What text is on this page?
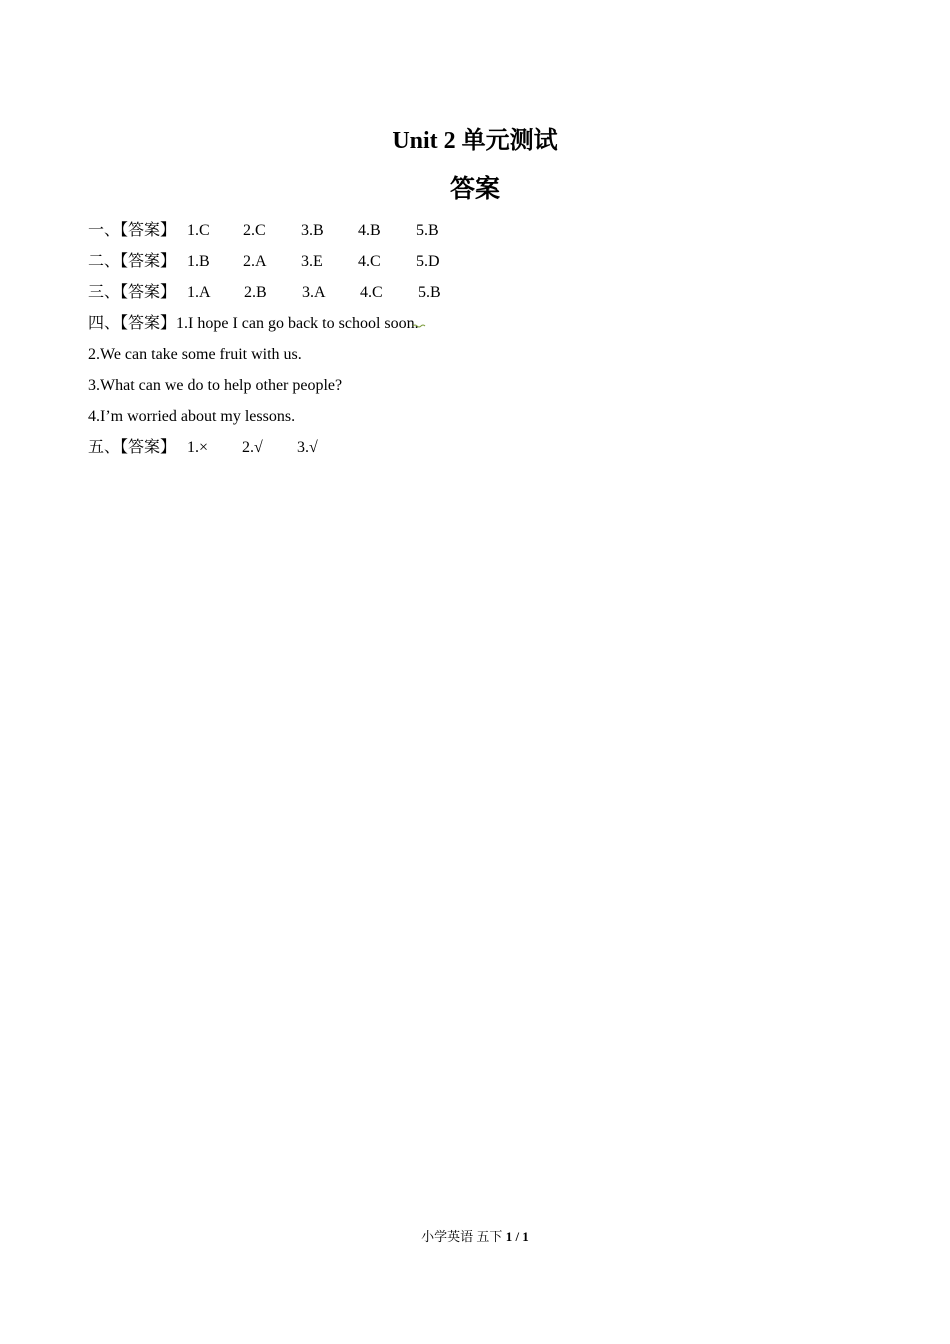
Unit 2 单元测试
答案
一、【答案】 1.C 2.C 3.B 4.B 5.B
二、【答案】 1.B 2.A 3.E 4.C 5.D
三、【答案】 1.A 2.B 3.A 4.C 5.B
四、【答案】1.I hope I can go back to school soon.
2.We can take some fruit with us.
3.What can we do to help other people?
4.I’m worried about my lessons.
五、【答案】 1.× 2.√ 3.√
小学英语 五下 1 / 1
